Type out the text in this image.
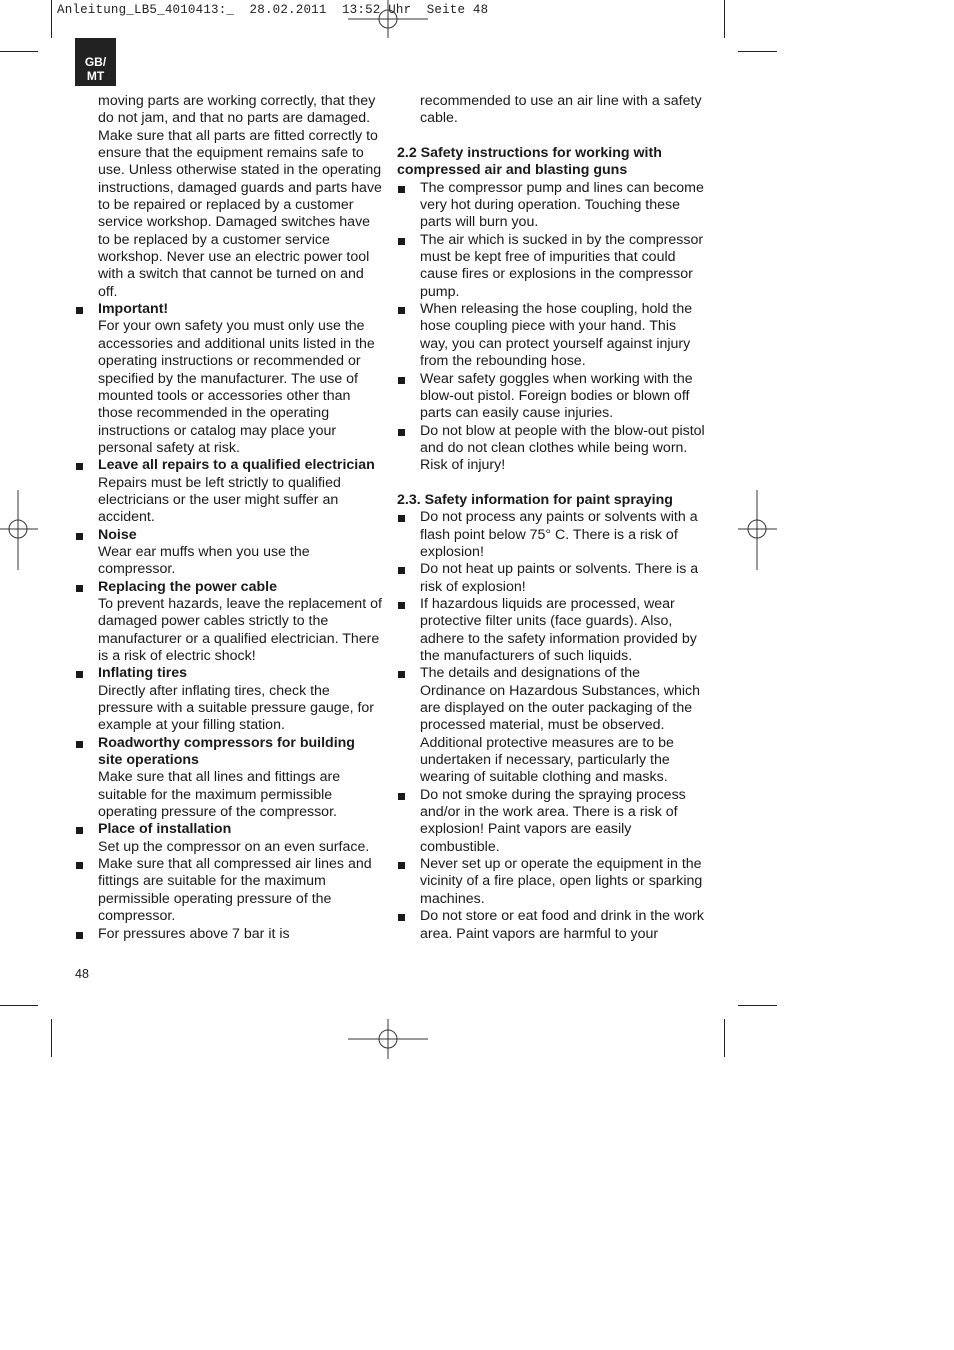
Anleitung_LB5_4010413:_ 28.02.2011 13:52 Uhr Seite 48
GB/
MT

moving parts are working correctly, that they do not jam, and that no parts are damaged. Make sure that all parts are fitted correctly to ensure that the equipment remains safe to use. Unless otherwise stated in the operating instructions, damaged guards and parts have to be repaired or replaced by a customer service workshop. Damaged switches have to be replaced by a customer service workshop. Never use an electric power tool with a switch that cannot be turned on and off.

Important!

For your own safety you must only use the accessories and additional units listed in the operating instructions or recommended or specified by the manufacturer. The use of mounted tools or accessories other than those recommended in the operating instructions or catalog may place your personal safety at risk.

Leave all repairs to a qualified electrician

Repairs must be left strictly to qualified electricians or the user might suffer an accident.

Noise

Wear ear muffs when you use the compressor.

Replacing the power cable

To prevent hazards, leave the replacement of damaged power cables strictly to the manufacturer or a qualified electrician. There is a risk of electric shock!

Inflating tires

Directly after inflating tires, check the pressure with a suitable pressure gauge, for example at your filling station.

Roadworthy compressors for building site operations

Make sure that all lines and fittings are suitable for the maximum permissible operating pressure of the compressor.

Place of installation

Set up the compressor on an even surface.

Make sure that all compressed air lines and fittings are suitable for the maximum permissible operating pressure of the compressor.

For pressures above 7 bar it is

recommended to use an air line with a safety cable.

2.2 Safety instructions for working with compressed air and blasting guns

The compressor pump and lines can become very hot during operation. Touching these parts will burn you.

The air which is sucked in by the compressor must be kept free of impurities that could cause fires or explosions in the compressor pump.

When releasing the hose coupling, hold the hose coupling piece with your hand. This way, you can protect yourself against injury from the rebounding hose.

Wear safety goggles when working with the blow-out pistol. Foreign bodies or blown off parts can easily cause injuries.

Do not blow at people with the blow-out pistol and do not clean clothes while being worn. Risk of injury!

2.3. Safety information for paint spraying

Do not process any paints or solvents with a flash point below 75° C. There is a risk of explosion!

Do not heat up paints or solvents. There is a risk of explosion!

If hazardous liquids are processed, wear protective filter units (face guards). Also, adhere to the safety information provided by the manufacturers of such liquids.

The details and designations of the Ordinance on Hazardous Substances, which are displayed on the outer packaging of the processed material, must be observed. Additional protective measures are to be undertaken if necessary, particularly the wearing of suitable clothing and masks.

Do not smoke during the spraying process and/or in the work area. There is a risk of explosion! Paint vapors are easily combustible.

Never set up or operate the equipment in the vicinity of a fire place, open lights or sparking machines.

Do not store or eat food and drink in the work area. Paint vapors are harmful to your

48
